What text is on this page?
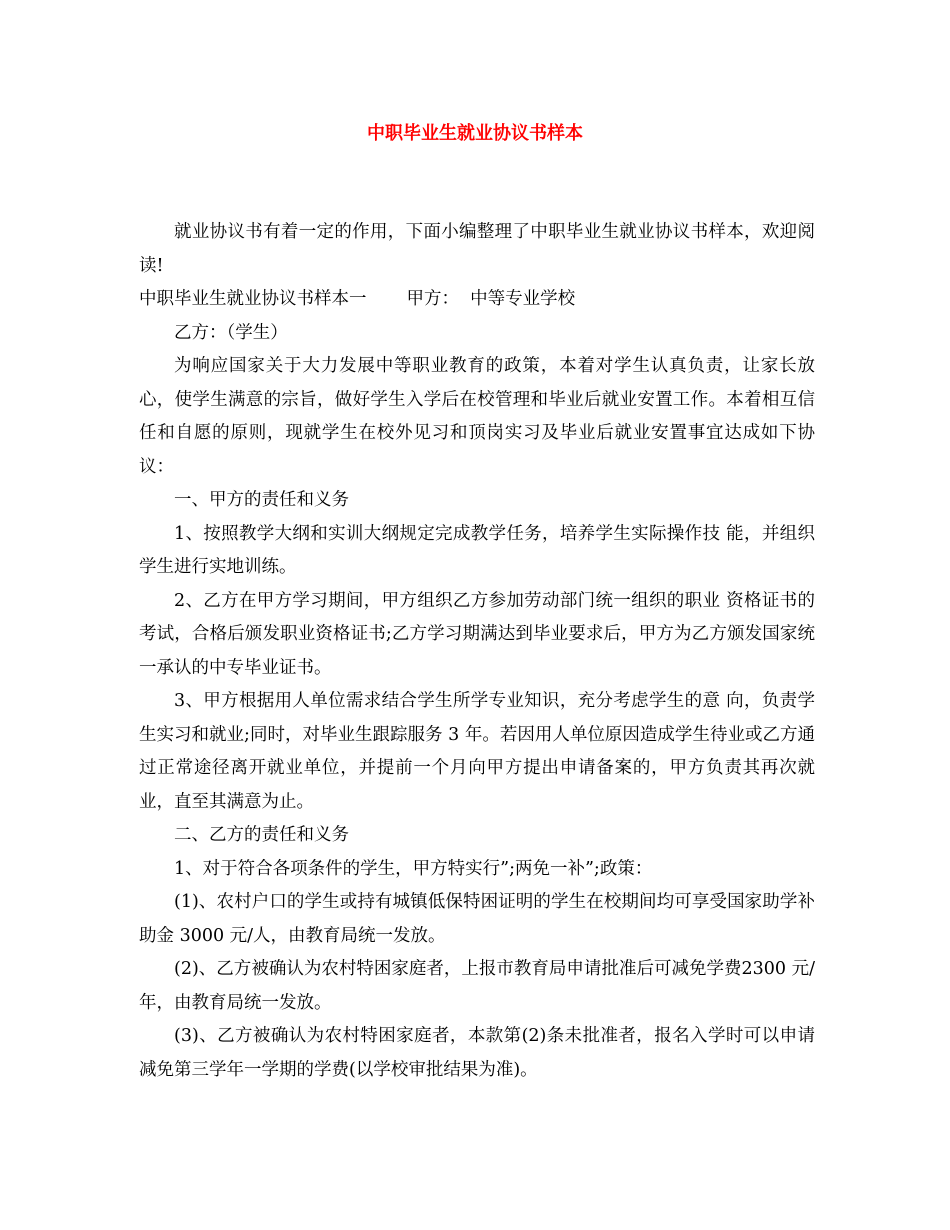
中职毕业生就业协议书样本

就业协议书有着一定的作用，下面小编整理了中职毕业生就业协议书样本，欢迎阅读!

中职毕业生就业协议书样本一 甲方： 中等专业学校

乙方：（学生）

为响应国家关于大力发展中等职业教育的政策，本着对学生认真负责，让家长放心，使学生满意的宗旨，做好学生入学后在校管理和毕业后就业安置工作。本着相互信任和自愿的原则，现就学生在校外见习和顶岗实习及毕业后就业安置事宜达成如下协议：

一、甲方的责任和义务

1、按照教学大纲和实训大纲规定完成教学任务，培养学生实际操作技 能，并组织学生进行实地训练。

2、乙方在甲方学习期间，甲方组织乙方参加劳动部门统一组织的职业 资格证书的考试，合格后颁发职业资格证书;乙方学习期满达到毕业要求后，甲方为乙方颁发国家统一承认的中专毕业证书。

3、甲方根据用人单位需求结合学生所学专业知识，充分考虑学生的意 向，负责学生实习和就业;同时，对毕业生跟踪服务 3 年。若因用人单位原因造成学生待业或乙方通过正常途径离开就业单位，并提前一个月向甲方提出申请备案的，甲方负责其再次就业，直至其满意为止。

二、乙方的责任和义务

1、对于符合各项条件的学生，甲方特实行”;两免一补”;政策：

(1)、农村户口的学生或持有城镇低保特困证明的学生在校期间均可享受国家助学补助金 3000 元/人，由教育局统一发放。

(2)、乙方被确认为农村特困家庭者，上报市教育局申请批准后可减免学费2300 元/年，由教育局统一发放。

(3)、乙方被确认为农村特困家庭者，本款第(2)条未批准者，报名入学时可以申请减免第三学年一学期的学费(以学校审批结果为准)。
